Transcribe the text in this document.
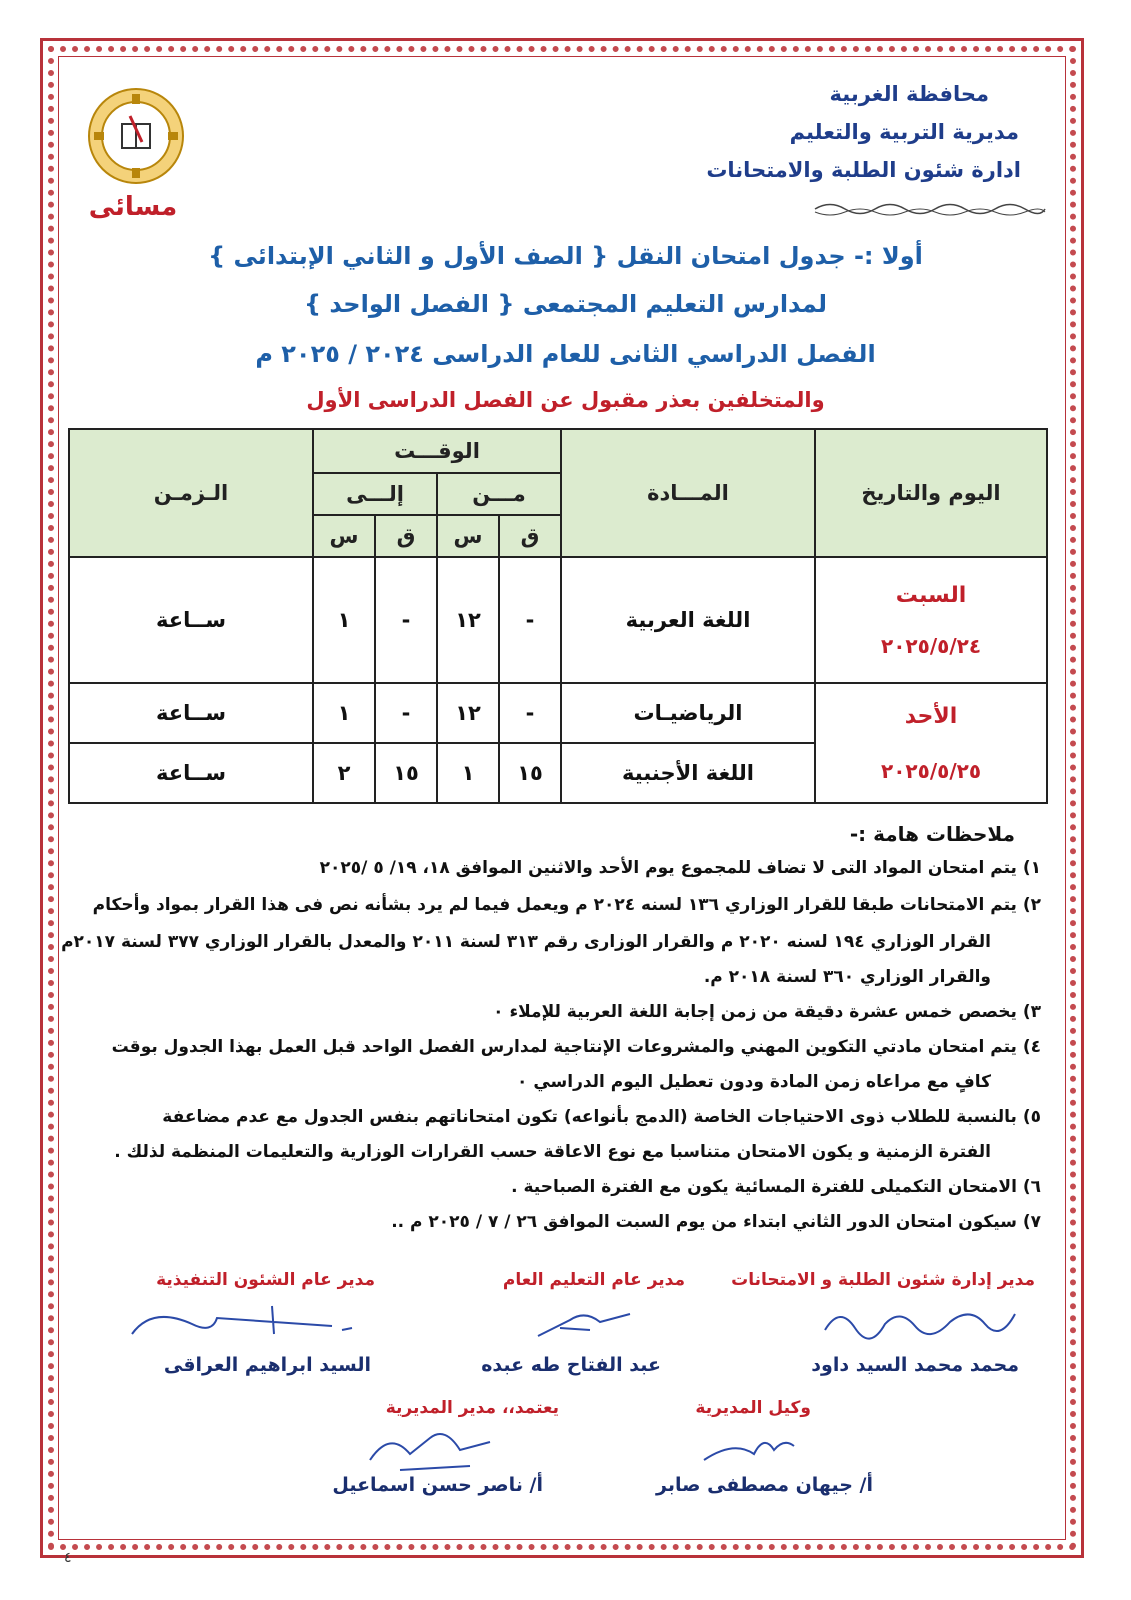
محافظة الغربية
مديرية التربية والتعليم
ادارة شئون الطلبة والامتحانات
مسائى
أولا :- جدول امتحان النقل { الصف الأول و الثاني الإبتدائى }
لمدارس التعليم المجتمعى { الفصل الواحد }
الفصل الدراسي الثانى للعام الدراسى ٢٠٢٤ / ٢٠٢٥ م
والمتخلفين بعذر مقبول عن الفصل الدراسى الأول
اليوم والتاريخ	المـــادة	الوقـــت				الـزمـن
		مـــن		إلـــى		
		ق	س	ق	س	

السبت
٢٠٢٥/٥/٢٤	اللغة العربية	-	١٢	-	١	ســاعة

الأحد
٢٠٢٥/٥/٢٥	الرياضيـات	-	١٢	-	١	ســاعة
	اللغة الأجنبية	١٥	١	١٥	٢	ســاعة
ملاحظات هامة :-
١) يتم امتحان المواد التى لا تضاف للمجموع يوم الأحد والاثنين الموافق ١٨، ١٩/ ٥ /٢٠٢٥
٢) يتم الامتحانات طبقا للقرار الوزاري ١٣٦ لسنه ٢٠٢٤ م ويعمل فيما لم يرد بشأنه نص فى هذا القرار بمواد وأحكام
القرار الوزاري ١٩٤ لسنه ٢٠٢٠ م والقرار الوزارى رقم ٣١٣ لسنة ٢٠١١ والمعدل بالقرار الوزاري ٣٧٧ لسنة ٢٠١٧م
والقرار الوزاري ٣٦٠ لسنة ٢٠١٨ م.
٣) يخصص خمس عشرة دقيقة من زمن إجابة اللغة العربية للإملاء ٠
٤) يتم امتحان مادتي التكوين المهني والمشروعات الإنتاجية لمدارس الفصل الواحد قبل العمل بهذا الجدول بوقت
كافٍ مع مراعاه زمن المادة ودون تعطيل اليوم الدراسي ٠
٥) بالنسبة للطلاب ذوى الاحتياجات الخاصة (الدمج بأنواعه) تكون امتحاناتهم بنفس الجدول مع عدم مضاعفة
الفترة الزمنية و يكون الامتحان متناسبا مع نوع الاعاقة حسب القرارات الوزارية والتعليمات المنظمة لذلك .
٦) الامتحان التكميلى للفترة المسائية يكون مع الفترة الصباحية .
٧) سيكون امتحان الدور الثاني ابتداء من يوم السبت الموافق ٢٦ / ٧ / ٢٠٢٥ م ..
مدير إدارة شئون الطلبة و الامتحانات
مدير عام التعليم العام
مدير عام الشئون التنفيذية
محمد محمد السيد داود
عبد الفتاح طه عبده
السيد ابراهيم العراقى
وكيل المديرية
يعتمد،، مدير المديرية
أ/ جيهان مصطفى صابر
أ/ ناصر حسن اسماعيل
٤
